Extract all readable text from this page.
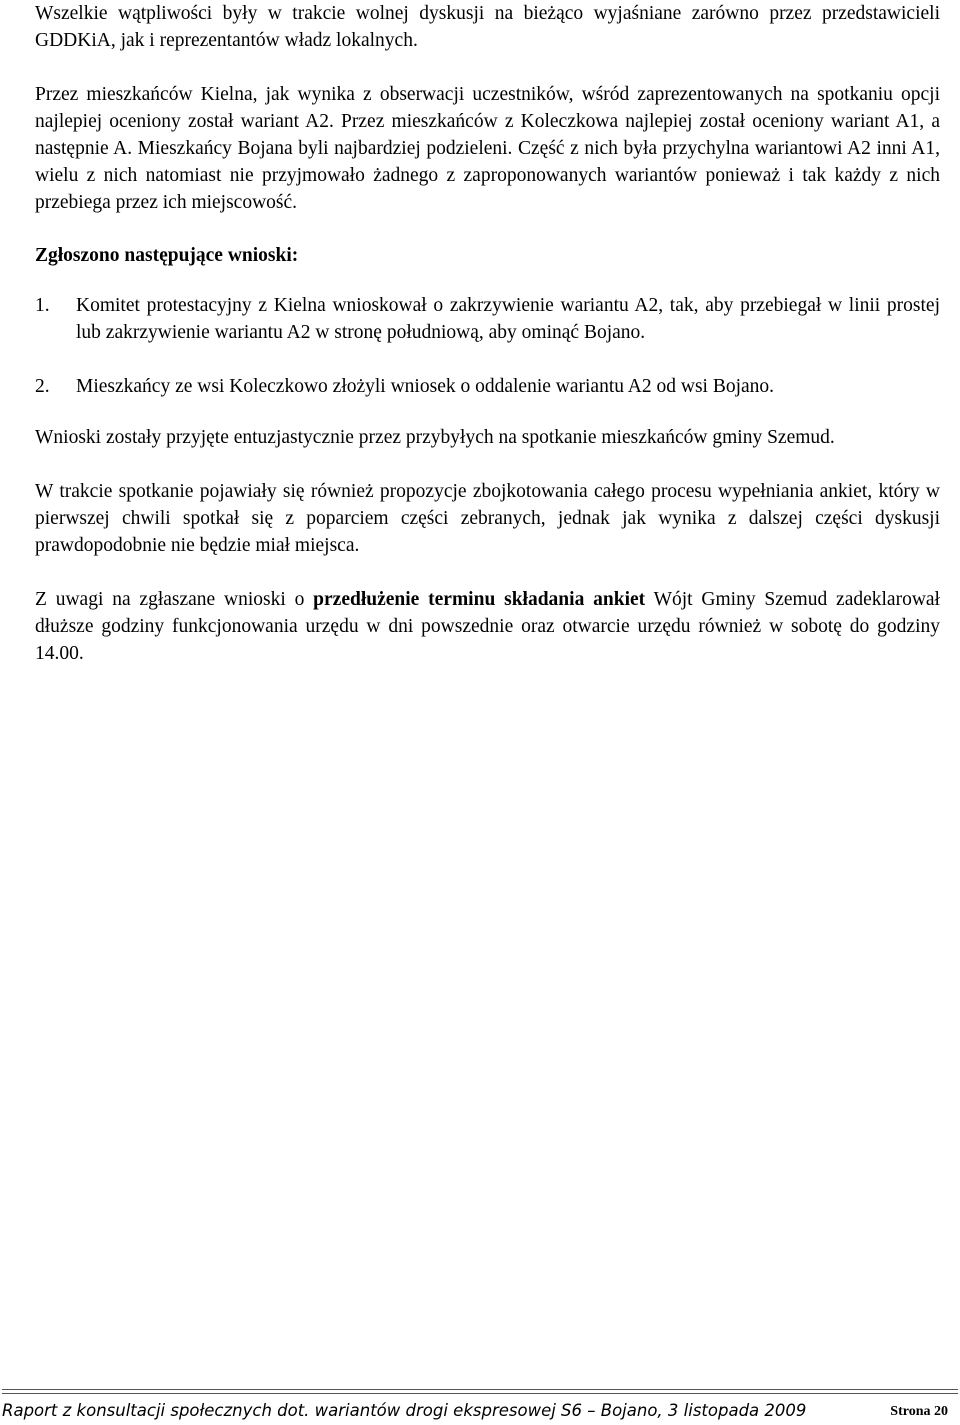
Wszelkie wątpliwości były w trakcie wolnej dyskusji na bieżąco wyjaśniane zarówno przez przedstawicieli GDDKiA, jak i reprezentantów władz lokalnych.

Przez mieszkańców Kielna, jak wynika z obserwacji uczestników, wśród zaprezentowanych na spotkaniu opcji najlepiej oceniony został wariant A2. Przez mieszkańców z Koleczkowa najlepiej został oceniony wariant A1, a następnie A. Mieszkańcy Bojana byli najbardziej podzieleni. Część z nich była przychylna wariantowi A2 inni A1, wielu z nich natomiast nie przyjmowało żadnego z zaproponowanych wariantów ponieważ i tak każdy z nich przebiega przez ich miejscowość.

Zgłoszono następujące wnioski:

1. Komitet protestacyjny z Kielna wnioskował o zakrzywienie wariantu A2, tak, aby przebiegał w linii prostej lub zakrzywienie wariantu A2 w stronę południową, aby ominąć Bojano.
2. Mieszkańcy ze wsi Koleczkowo złożyli wniosek o oddalenie wariantu A2 od wsi Bojano.

Wnioski zostały przyjęte entuzjastycznie przez przybyłych na spotkanie mieszkańców gminy Szemud.

W trakcie spotkanie pojawiały się również propozycje zbojkotowania całego procesu wypełniania ankiet, który w pierwszej chwili spotkał się z poparciem części zebranych, jednak jak wynika z dalszej części dyskusji prawdopodobnie nie będzie miał miejsca.

Z uwagi na zgłaszane wnioski o przedłużenie terminu składania ankiet Wójt Gminy Szemud zadeklarował dłuższe godziny funkcjonowania urzędu w dni powszednie oraz otwarcie urzędu również w sobotę do godziny 14.00.

Raport z konsultacji społecznych dot. wariantów drogi ekspresowej S6 – Bojano, 3 listopada 2009	Strona 20
